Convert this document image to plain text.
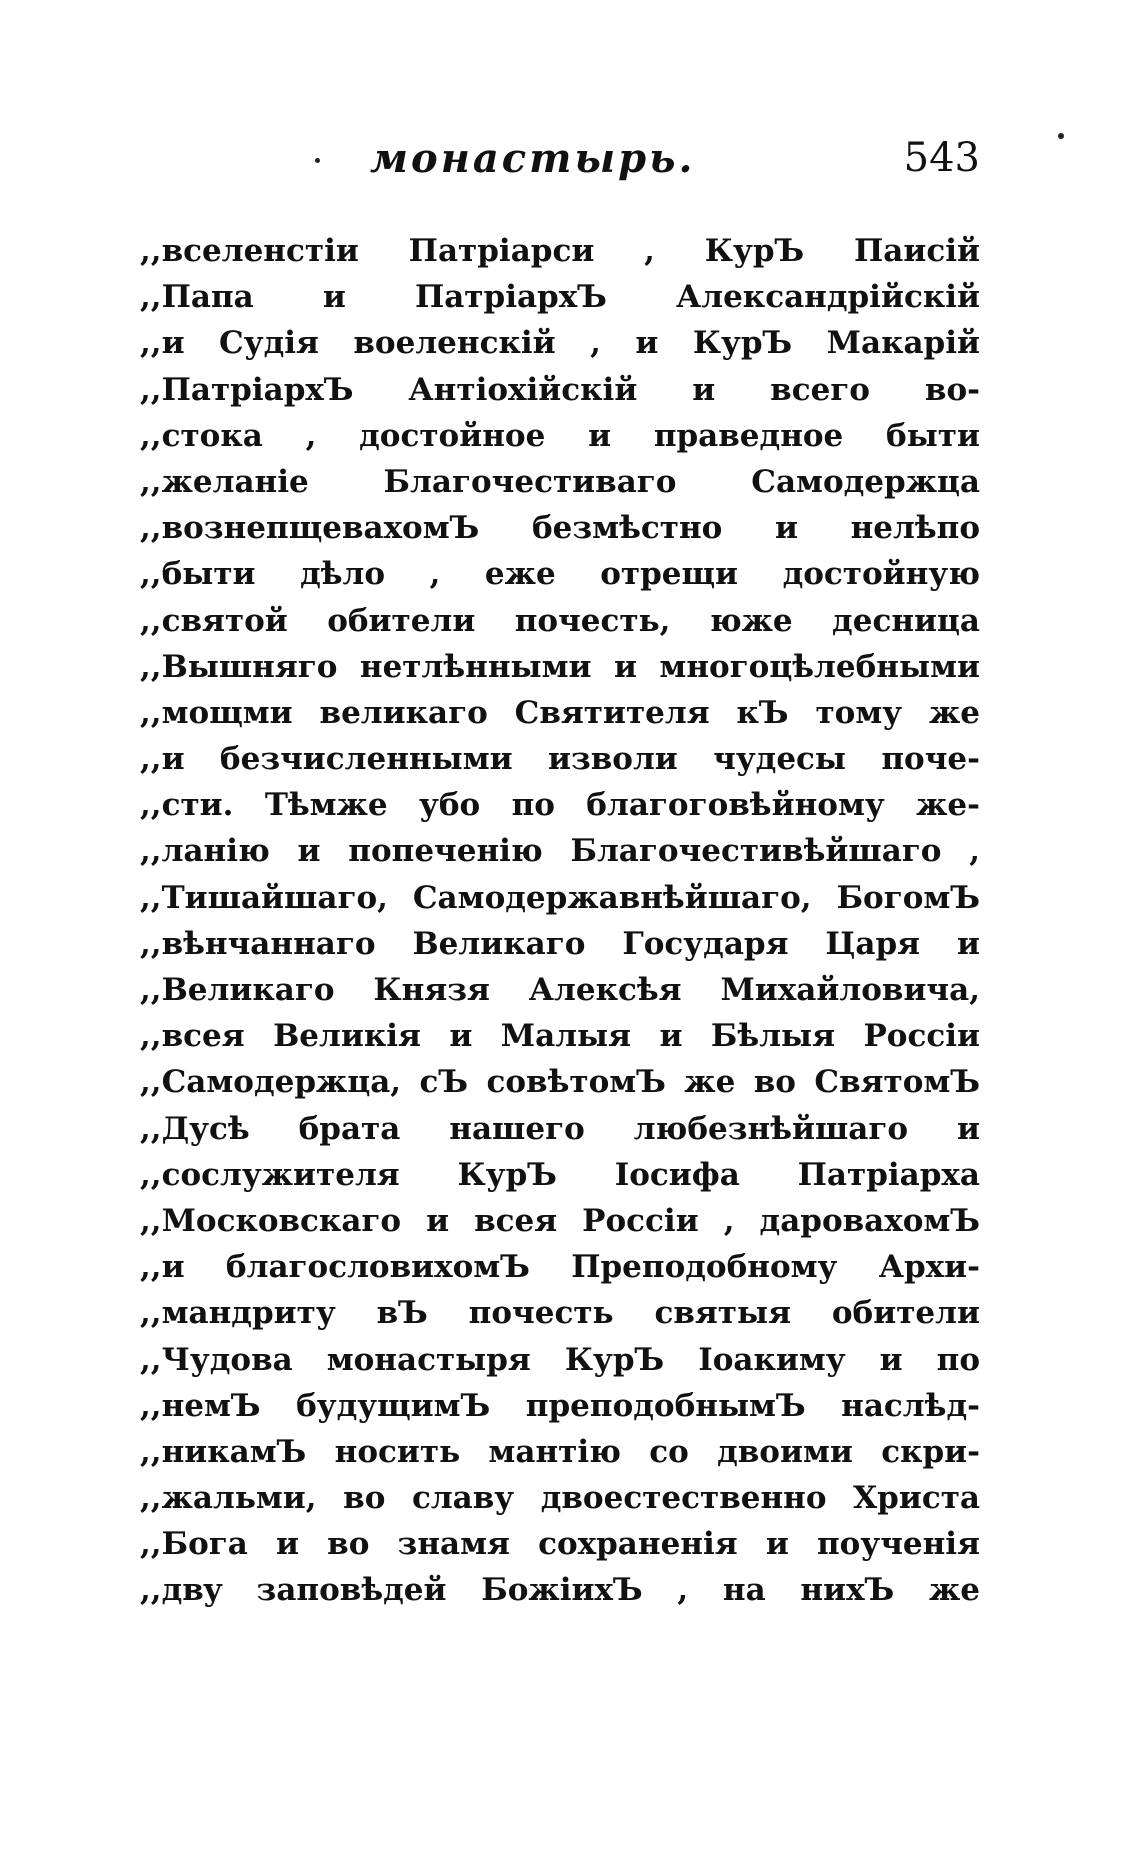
монастырь.	543
,,вселенстіи Патріарси , КурЪ Паисій
,,Папа и ПатріархЪ Александрійскій
,,и Судія воеленскій , и КурЪ Макарій
,,ПатріархЪ Антіохійскій и всего во-
,,стока , достойное и праведное быти
,,желаніе Благочестиваго Самодержца
,,вознепщевахомЪ безмѣстно и нелѣпо
,,быти дѣло , еже отрещи достойную
,,святой обители почесть, юже десница
,,Вышняго нетлѣнными и многоцѣлебными
,,мощми великаго Святителя кЪ тому же
,,и безчисленными изволи чудесы поче-
,,сти. Тѣмже убо по благоговѣйному же-
,,ланію и попеченію Благочестивѣйшаго ,
,,Тишайшаго, Самодержавнѣйшаго, БогомЪ
,,вѣнчаннаго Великаго Государя Царя и
,,Великаго Князя Алексѣя Михайловича,
,,всея Великія и Малыя и Бѣлыя Россіи
,,Самодержца, сЪ совѣтомЪ же во СвятомЪ
,,Дусѣ брата нашего любезнѣйшаго и
,,сослужителя КурЪ Іосифа Патріарха
,,Московскаго и всея Россіи , даровахомЪ
,,и благословихомЪ Преподобному Архи-
,,мандриту вЪ почесть святыя обители
,,Чудова монастыря КурЪ Іоакиму и по
,,немЪ будущимЪ преподобнымЪ наслѣд-
,,никамЪ носить мантію со двоими скри-
,,жальми, во славу двоестественно Христа
,,Бога и во знамя сохраненія и поученія
,,двy заповѣдей БожіихЪ , на нихЪ же
